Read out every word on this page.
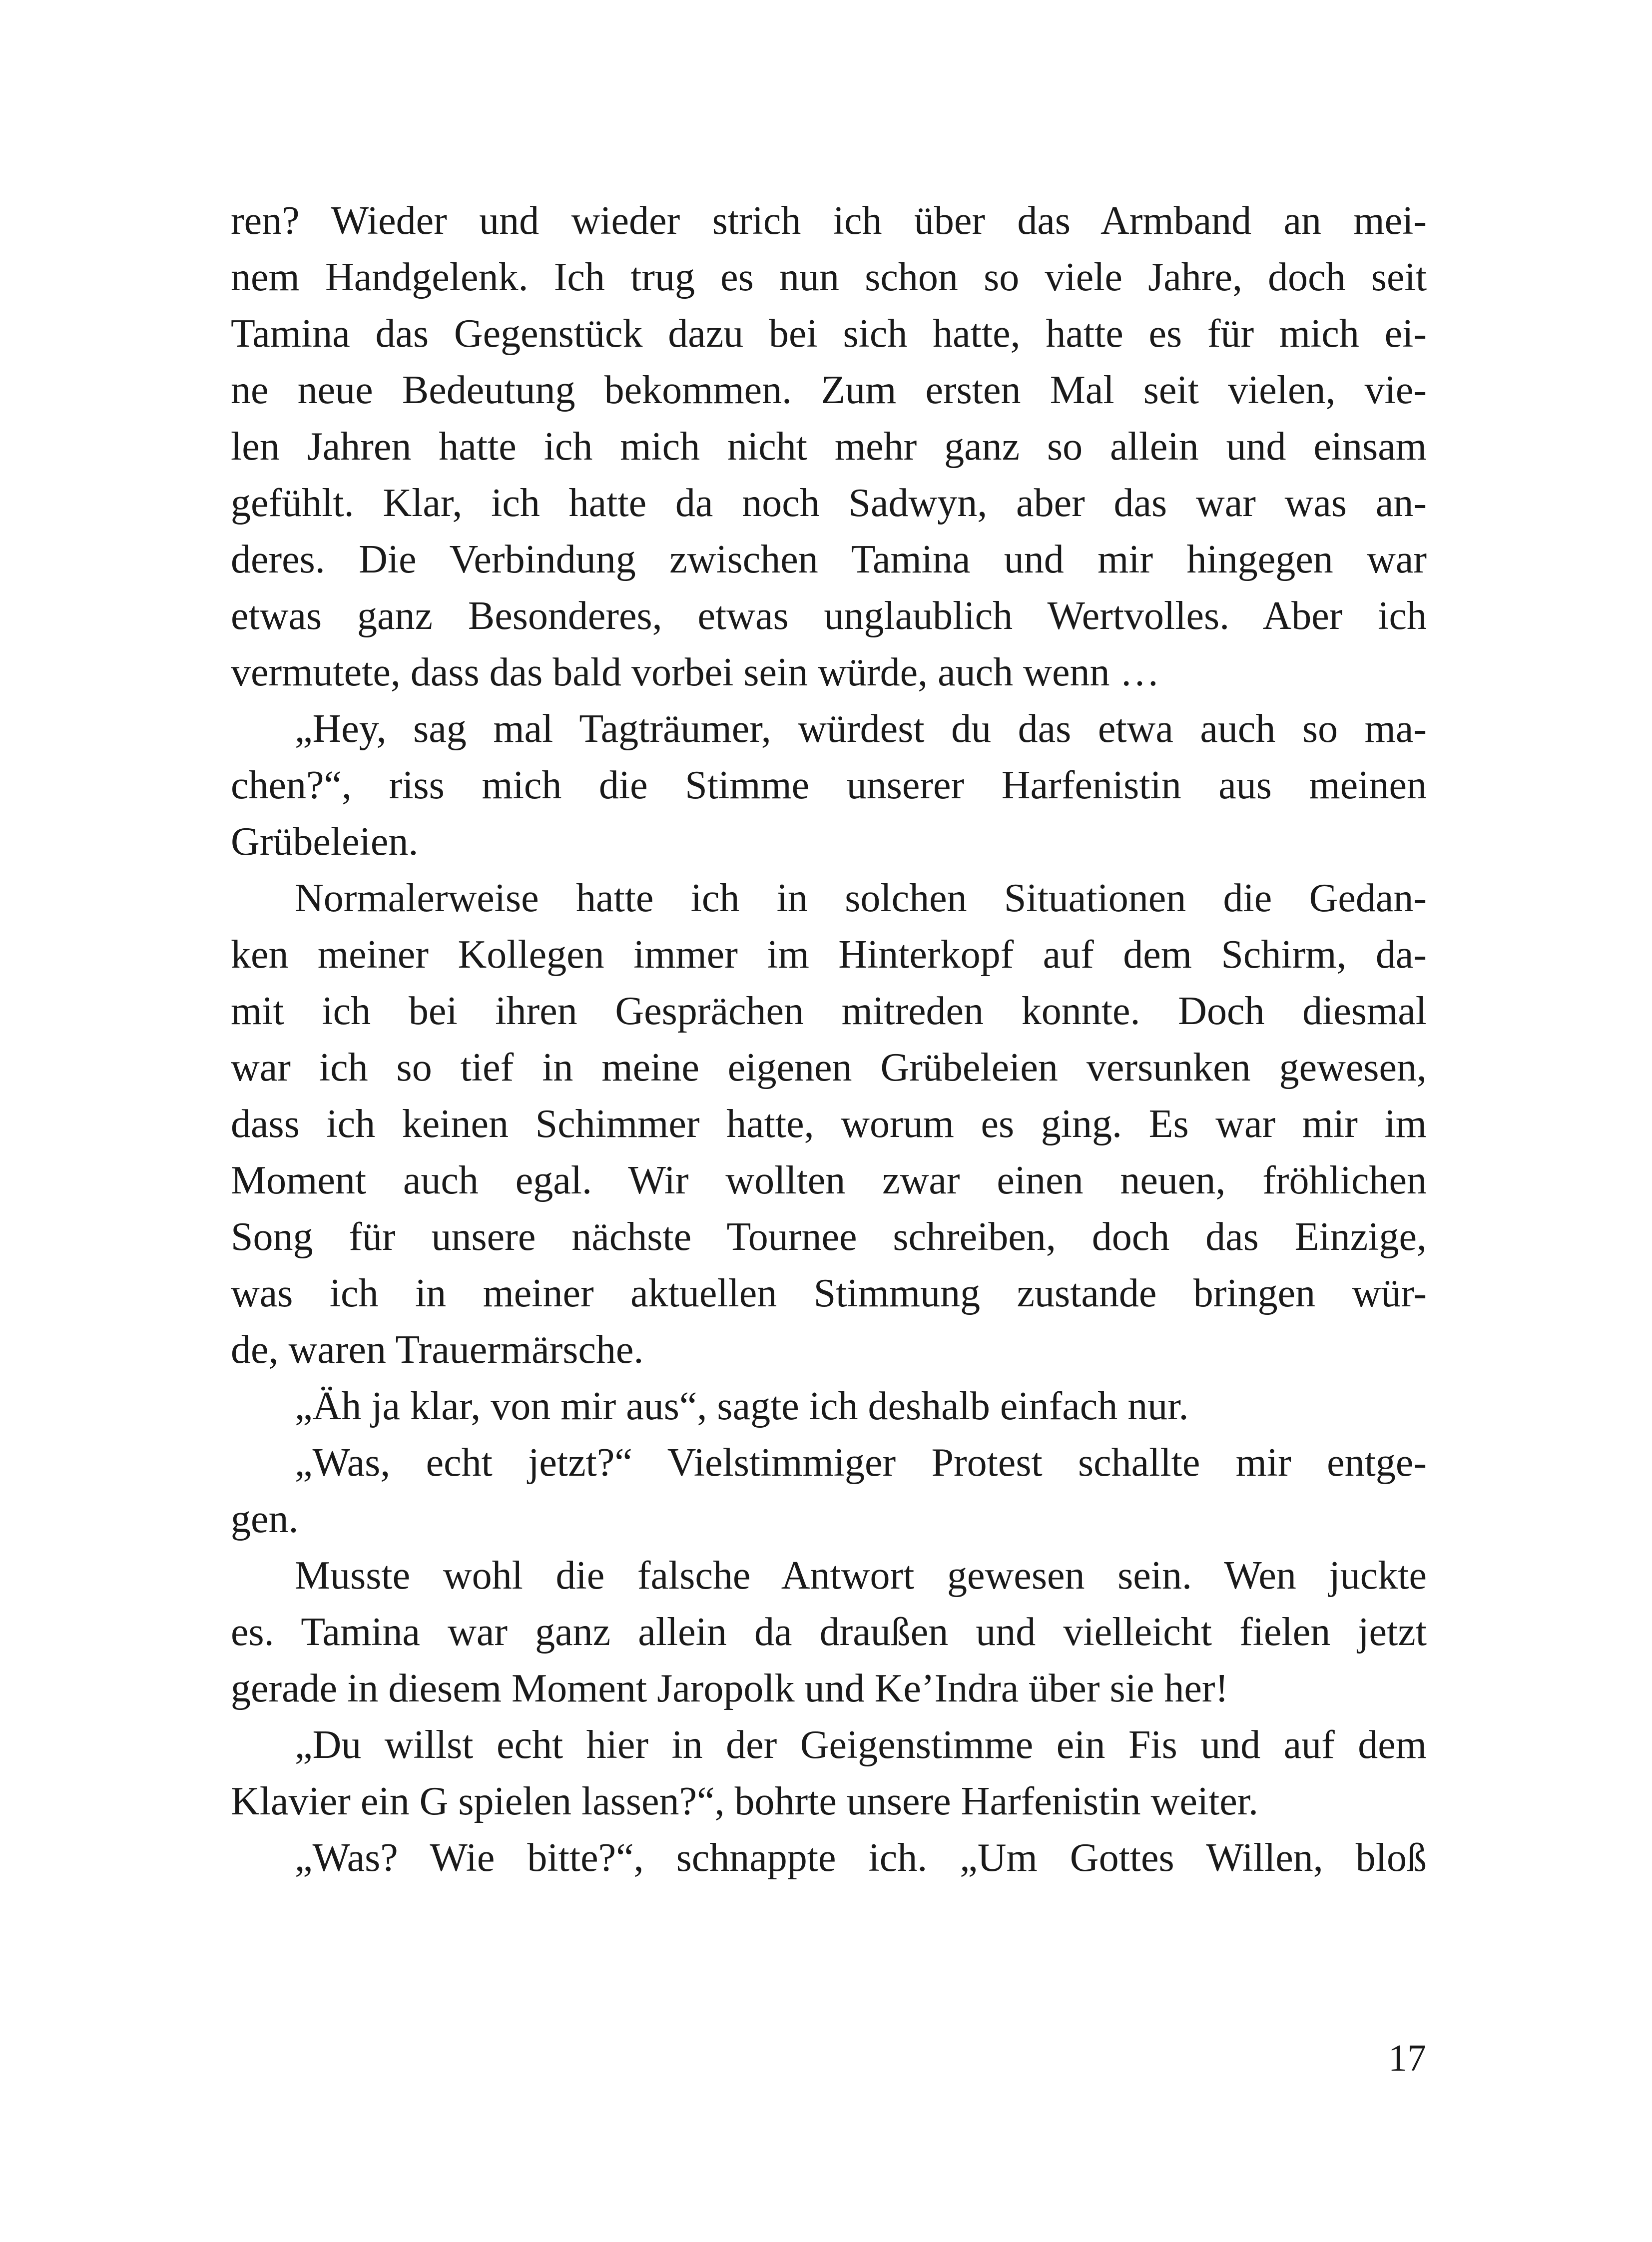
ren? Wieder und wieder strich ich über das Armband an mei-
nem Handgelenk. Ich trug es nun schon so viele Jahre, doch seit
Tamina das Gegenstück dazu bei sich hatte, hatte es für mich ei-
ne neue Bedeutung bekommen. Zum ersten Mal seit vielen, vie-
len Jahren hatte ich mich nicht mehr ganz so allein und einsam
gefühlt. Klar, ich hatte da noch Sadwyn, aber das war was an-
deres. Die Verbindung zwischen Tamina und mir hingegen war
etwas ganz Besonderes, etwas unglaublich Wertvolles. Aber ich
vermutete, dass das bald vorbei sein würde, auch wenn …
„Hey, sag mal Tagträumer, würdest du das etwa auch so ma-
chen?“, riss mich die Stimme unserer Harfenistin aus meinen
Grübeleien.
Normalerweise hatte ich in solchen Situationen die Gedan-
ken meiner Kollegen immer im Hinterkopf auf dem Schirm, da-
mit ich bei ihren Gesprächen mitreden konnte. Doch diesmal
war ich so tief in meine eigenen Grübeleien versunken gewesen,
dass ich keinen Schimmer hatte, worum es ging. Es war mir im
Moment auch egal. Wir wollten zwar einen neuen, fröhlichen
Song für unsere nächste Tournee schreiben, doch das Einzige,
was ich in meiner aktuellen Stimmung zustande bringen wür-
de, waren Trauermärsche.
„Äh ja klar, von mir aus“, sagte ich deshalb einfach nur.
„Was, echt jetzt?“ Vielstimmiger Protest schallte mir entge-
gen.
Musste wohl die falsche Antwort gewesen sein. Wen juckte
es. Tamina war ganz allein da draußen und vielleicht fielen jetzt
gerade in diesem Moment Jaropolk und Ke’Indra über sie her!
„Du willst echt hier in der Geigenstimme ein Fis und auf dem
Klavier ein G spielen lassen?“, bohrte unsere Harfenistin weiter.
„Was? Wie bitte?“, schnappte ich. „Um Gottes Willen, bloß
17
